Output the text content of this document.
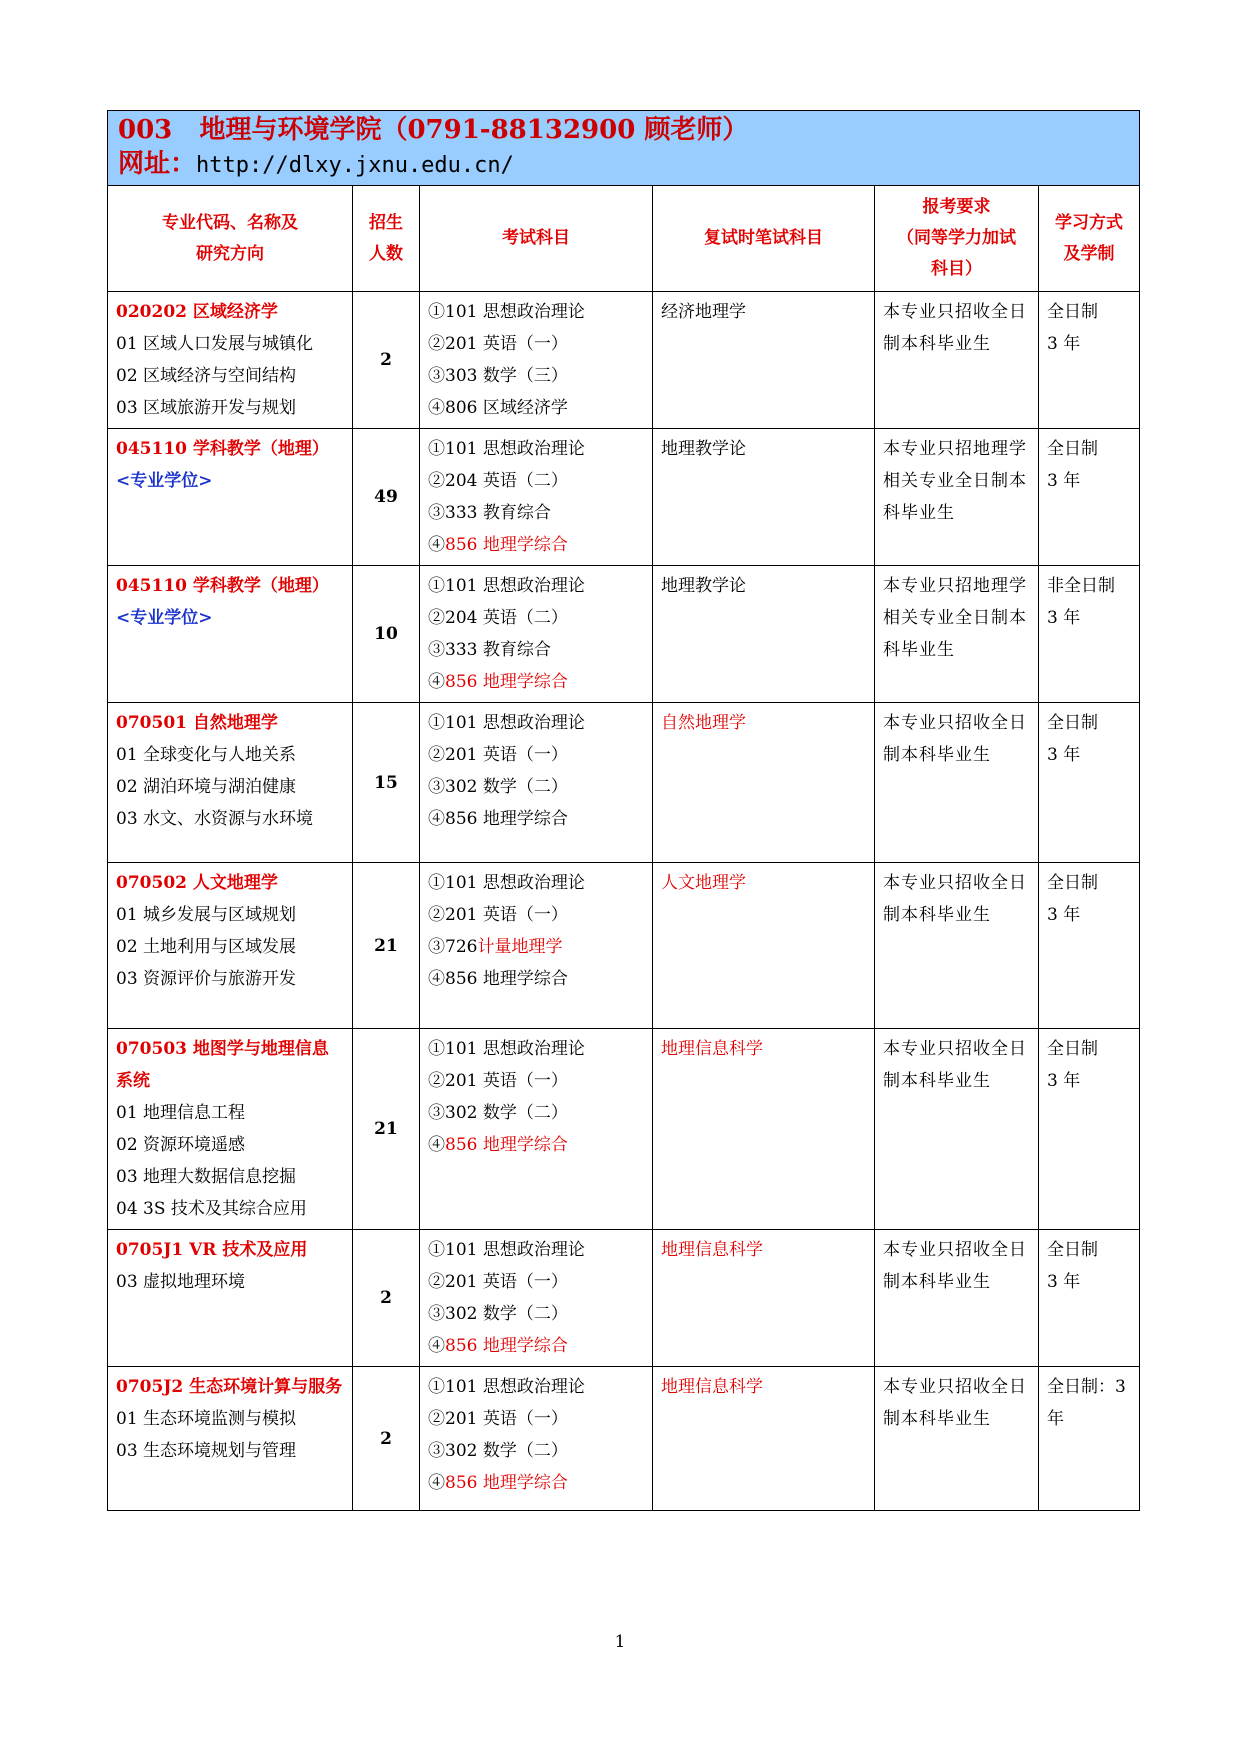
003 地理与环境学院（0791-88132900 顾老师）
网址：http://dlxy.jxnu.edu.cn/					

专业代码、名称及
研究方向	招生
人数	考试科目	复试时笔试科目	报考要求
（同等学力加试
科目）	学习方式
及学制

020202 区域经济学
01 区域人口发展与城镇化
02 区域经济与空间结构
03 区域旅游开发与规划	2	①101 思想政治理论
②201 英语（一）
③303 数学（三）
④806 区域经济学	经济地理学	本专业只招收全日制本科毕业生	全日制
3 年

045110 学科教学（地理）
<专业学位>	49	①101 思想政治理论
②204 英语（二）
③333 教育综合
④856 地理学综合	地理教学论	本专业只招地理学相关专业全日制本科毕业生	全日制
3 年

045110 学科教学（地理）
<专业学位>	10	①101 思想政治理论
②204 英语（二）
③333 教育综合
④856 地理学综合	地理教学论	本专业只招地理学相关专业全日制本科毕业生	非全日制
3 年

070501 自然地理学
01 全球变化与人地关系
02 湖泊环境与湖泊健康
03 水文、水资源与水环境	15	①101 思想政治理论
②201 英语（一）
③302 数学（二）
④856 地理学综合	自然地理学	本专业只招收全日制本科毕业生	全日制
3 年

070502 人文地理学
01 城乡发展与区域规划
02 土地利用与区域发展
03 资源评价与旅游开发	21	①101 思想政治理论
②201 英语（一）
③726计量地理学
④856 地理学综合	人文地理学	本专业只招收全日制本科毕业生	全日制
3 年

070503 地图学与地理信息系统
01 地理信息工程
02 资源环境遥感
03 地理大数据信息挖掘
04 3S 技术及其综合应用	21	①101 思想政治理论
②201 英语（一）
③302 数学（二）
④856 地理学综合	地理信息科学	本专业只招收全日制本科毕业生	全日制
3 年

0705J1 VR 技术及应用
03 虚拟地理环境	2	①101 思想政治理论
②201 英语（一）
③302 数学（二）
④856 地理学综合	地理信息科学	本专业只招收全日制本科毕业生	全日制
3 年

0705J2 生态环境计算与服务
01 生态环境监测与模拟
03 生态环境规划与管理	2	①101 思想政治理论
②201 英语（一）
③302 数学（二）
④856 地理学综合	地理信息科学	本专业只招收全日制本科毕业生	全日制：3
年
1
